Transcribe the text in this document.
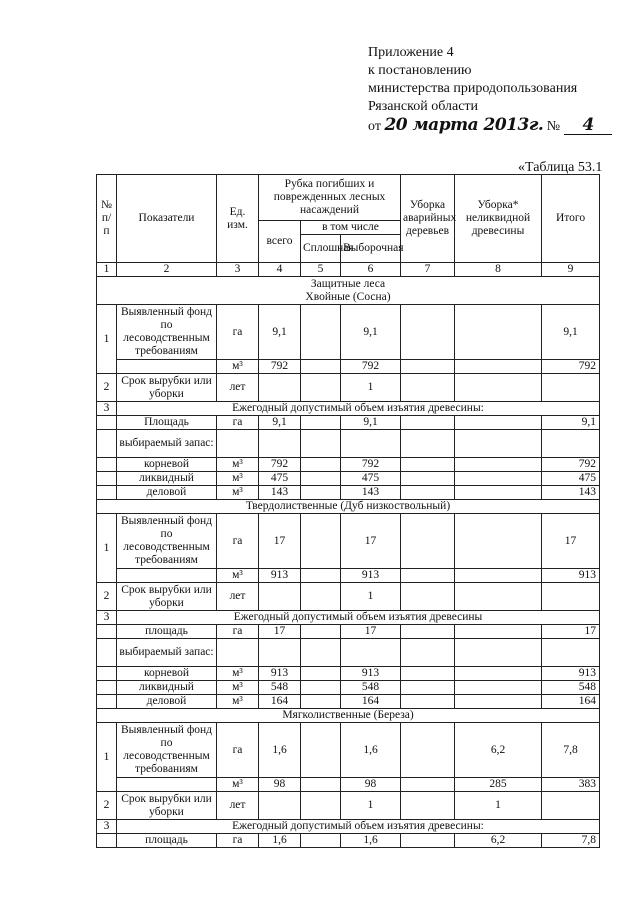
Приложение 4
к постановлению
министерства природопользования
Рязанской области
от 20 марта 2013г. № 4
«Таблица 53.1
№ п/п	Показатели	Ед. изм.	Рубка погибших и поврежденных лесных насаждений			Уборка аварийных деревьев	Уборка* неликвидной древесины	Итого
			всего	в том числе				
				Сплошная	Выборочная			
1	2	3	4	5	6	7	8	9
Защитные леса
Хвойные (Сосна)								
1	Выявленный фонд по лесоводственным требованиям	га	9,1		9,1			9,1
		м³	792		792			792
2	Срок вырубки или уборки	лет			1			
3	Ежегодный допустимый объем изъятия древесины:							
	Площадь	га	9,1		9,1			9,1
	выбираемый запас:							
	корневой	м³	792		792			792
	ликвидный	м³	475		475			475
	деловой	м³	143		143			143
Твердолиственные (Дуб низкоствольный)								
1	Выявленный фонд по лесоводственным требованиям	га	17		17			17
		м³	913		913			913
2	Срок вырубки или уборки	лет			1			
3	Ежегодный допустимый объем изъятия древесины							
	площадь	га	17		17			17
	выбираемый запас:							
	корневой	м³	913		913			913
	ликвидный	м³	548		548			548
	деловой	м³	164		164			164
Мягколиственные (Береза)								
1	Выявленный фонд по лесоводственным требованиям	га	1,6		1,6		6,2	7,8
		м³	98		98		285	383
2	Срок вырубки или уборки	лет			1		1	
3	Ежегодный допустимый объем изъятия древесины:							
	площадь	га	1,6		1,6		6,2	7,8
